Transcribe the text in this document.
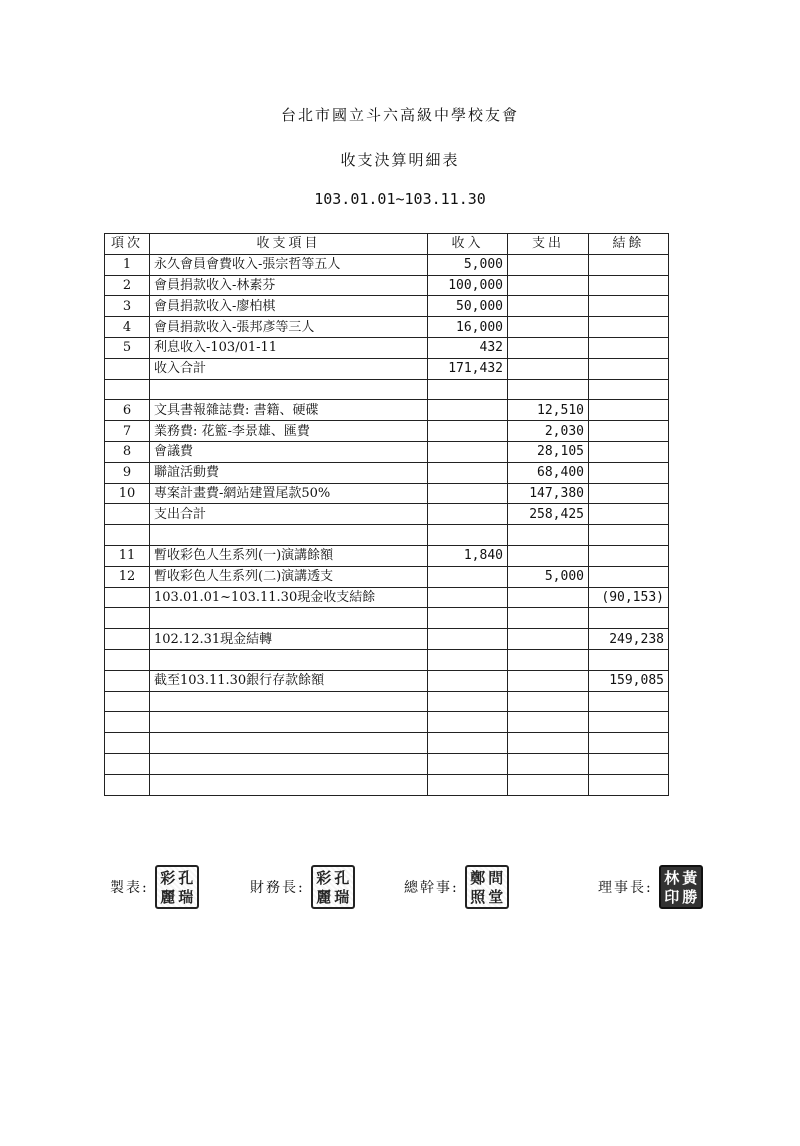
台北市國立斗六高級中學校友會
收支決算明細表
103.01.01~103.11.30
項次	收支項目	收入	支出	結餘
1	永久會員會費收入-張宗哲等五人	5,000		
2	會員捐款收入-林素芬	100,000		
3	會員捐款收入-廖柏棋	50,000		
4	會員捐款收入-張邦彥等三人	16,000		
5	利息收入-103/01-11	432		
	收入合計	171,432		

6	文具書報雜誌費: 書籍、硬碟		12,510	
7	業務費: 花籃-李景雄、匯費		2,030	
8	會議費		28,105	
9	聯誼活動費		68,400	
10	專案計畫費-網站建置尾款50%		147,380	
	支出合計		258,425	

11	暫收彩色人生系列(一)演講餘額	1,840		
12	暫收彩色人生系列(二)演講透支		5,000	
	103.01.01~103.11.30現金收支結餘			(90,153)

	102.12.31現金結轉			249,238

	截至103.11.30銀行存款餘額			159,085

製表:
彩 孔
麗 瑞	財務長:
彩 孔
麗 瑞	總幹事:
鄭 問
照 堂	理事長:
林 黃
印 勝
